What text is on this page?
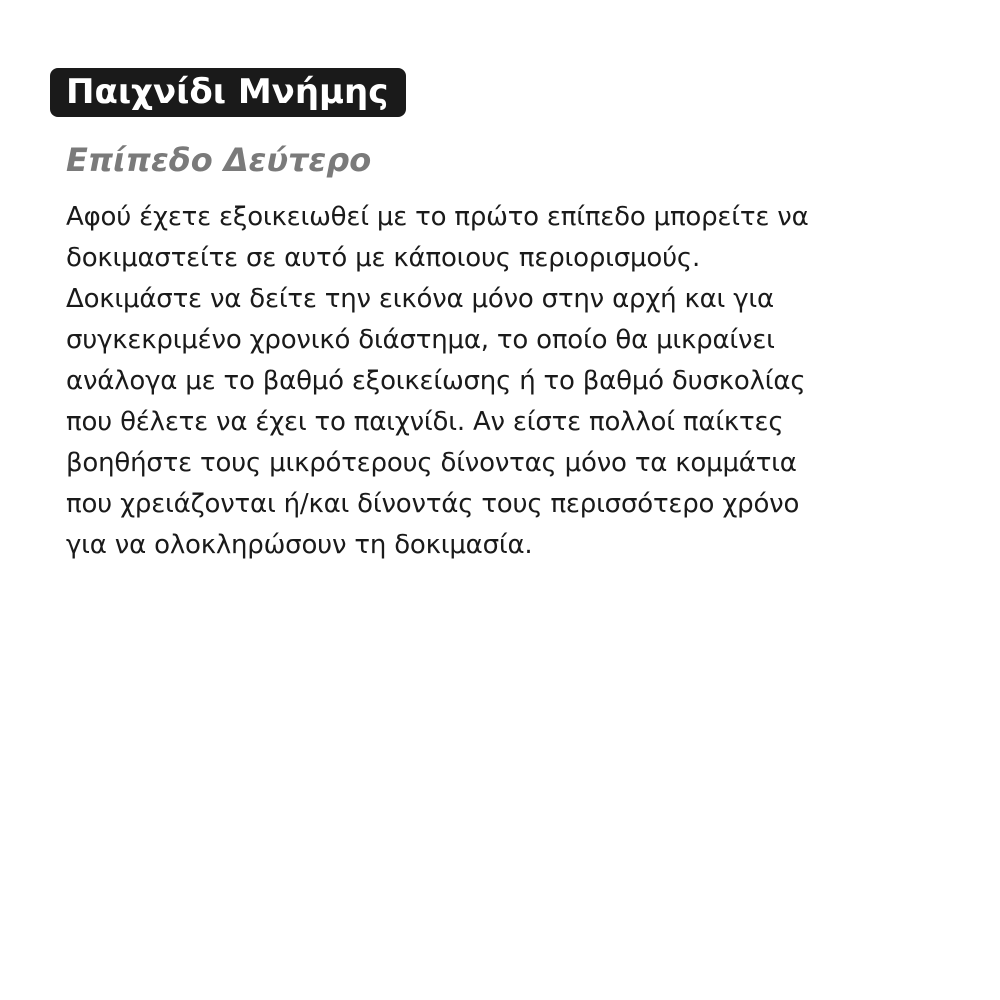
Παιχνίδι Μνήμης
Επίπεδο Δεύτερο

Αφού έχετε εξοικειωθεί με το πρώτο επίπεδο μπορείτε να
δοκιμαστείτε σε αυτό με κάποιους περιορισμούς.
Δοκιμάστε να δείτε την εικόνα μόνο στην αρχή και για
συγκεκριμένο χρονικό διάστημα, το οποίο θα μικραίνει
ανάλογα με το βαθμό εξοικείωσης ή το βαθμό δυσκολίας
που θέλετε να έχει το παιχνίδι. Αν είστε πολλοί παίκτες
βοηθήστε τους μικρότερους δίνοντας μόνο τα κομμάτια
που χρειάζονται ή/και δίνοντάς τους περισσότερο χρόνο
για να ολοκληρώσουν τη δοκιμασία.
